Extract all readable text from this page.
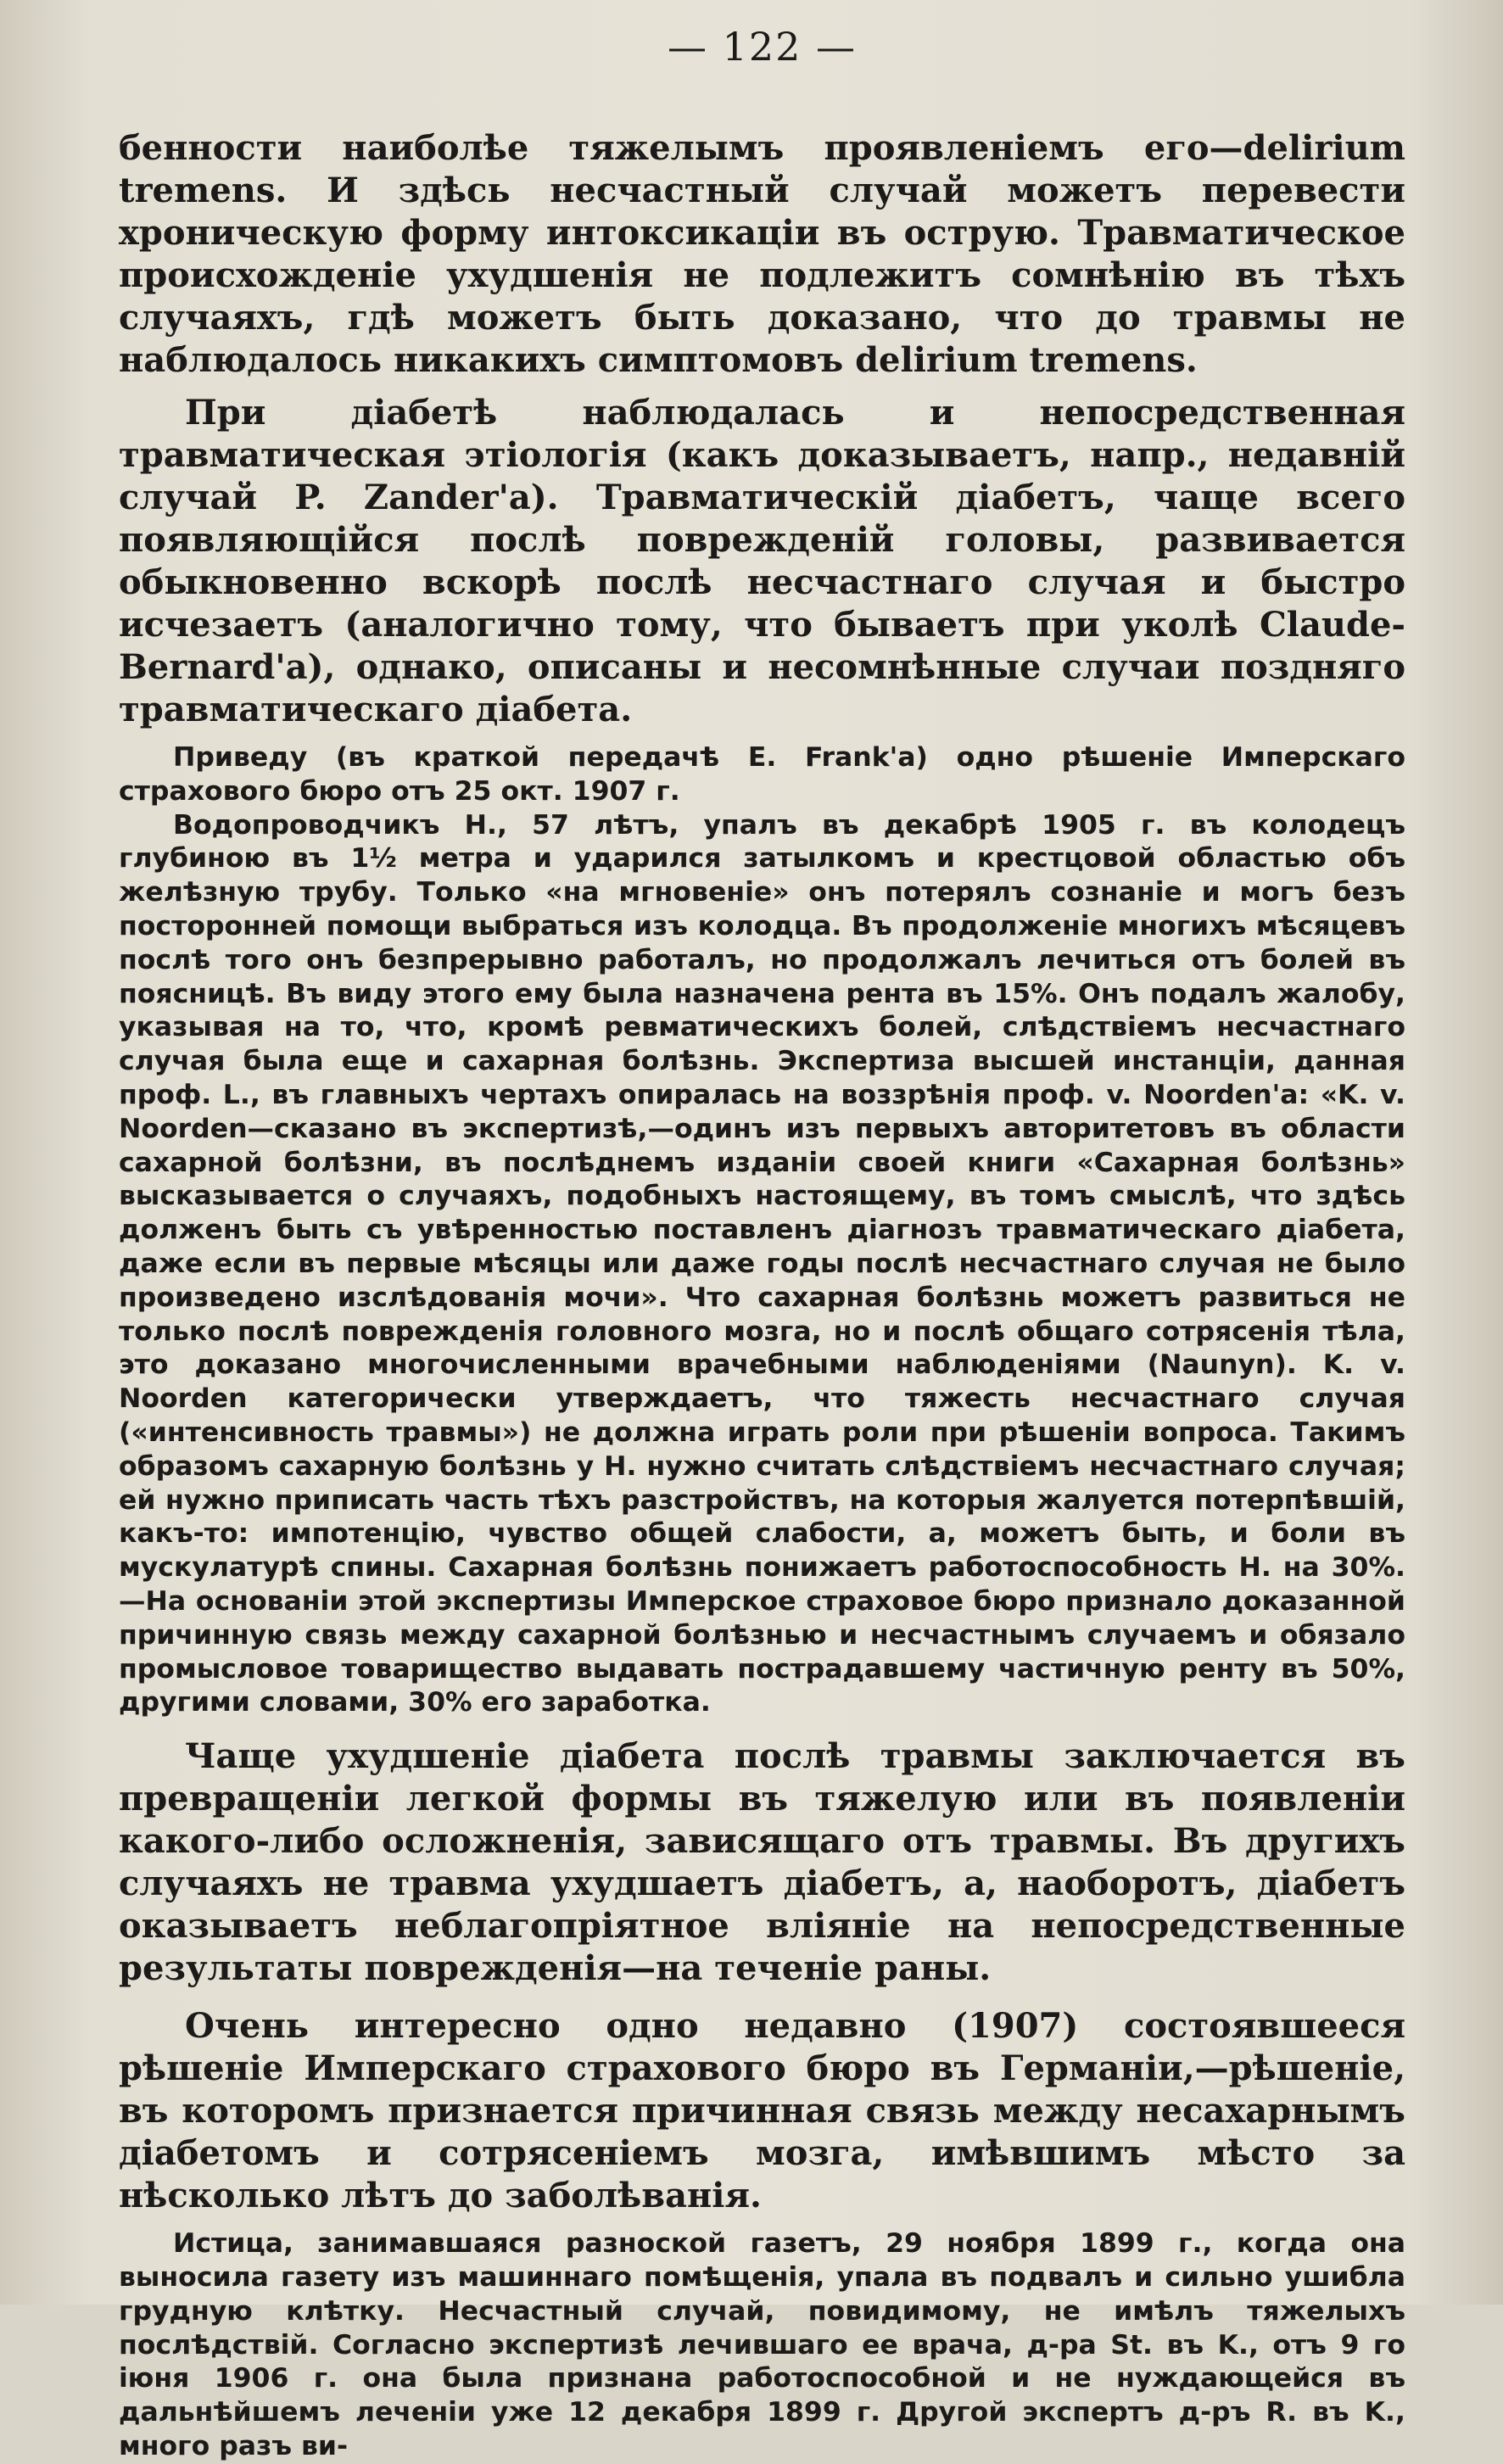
— 122 —

бенности наиболѣе тяжелымъ проявленіемъ его—delirium tremens. И здѣсь несчастный случай можетъ перевести хроническую форму интоксикаціи въ острую. Травматическое происхожденіе ухудшенія не подлежитъ сомнѣнію въ тѣхъ случаяхъ, гдѣ можетъ быть доказано, что до травмы не наблюдалось никакихъ симптомовъ delirium tremens.

При діабетѣ наблюдалась и непосредственная травматическая этіологія (какъ доказываетъ, напр., недавній случай P. Zander'a). Травматическій діабетъ, чаще всего появляющійся послѣ поврежденій головы, развивается обыкновенно вскорѣ послѣ несчастнаго случая и быстро исчезаетъ (аналогично тому, что бываетъ при уколѣ Claude-Bernard'a), однако, описаны и несомнѣнные случаи поздняго травматическаго діабета.

Приведу (въ краткой передачѣ E. Frank'a) одно рѣшеніе Имперскаго страхового бюро отъ 25 окт. 1907 г.

Водопроводчикъ H., 57 лѣтъ, упалъ въ декабрѣ 1905 г. въ колодецъ глубиною въ 1½ метра и ударился затылкомъ и крестцовой областью объ желѣзную трубу. Только «на мгновеніе» онъ потерялъ сознаніе и могъ безъ посторонней помощи выбраться изъ колодца. Въ продолженіе многихъ мѣсяцевъ послѣ того онъ безпрерывно работалъ, но продолжалъ лечиться отъ болей въ поясницѣ. Въ виду этого ему была назначена рента въ 15%. Онъ подалъ жалобу, указывая на то, что, кромѣ ревматическихъ болей, слѣдствіемъ несчастнаго случая была еще и сахарная болѣзнь. Экспертиза высшей инстанціи, данная проф. L., въ главныхъ чертахъ опиралась на воззрѣнія проф. v. Noorden'a: «K. v. Noorden—сказано въ экспертизѣ,—одинъ изъ первыхъ авторитетовъ въ области сахарной болѣзни, въ послѣднемъ изданіи своей книги «Сахарная болѣзнь» высказывается о случаяхъ, подобныхъ настоящему, въ томъ смыслѣ, что здѣсь долженъ быть съ увѣренностью поставленъ діагнозъ травматическаго діабета, даже если въ первые мѣсяцы или даже годы послѣ несчастнаго случая не было произведено изслѣдованія мочи». Что сахарная болѣзнь можетъ развиться не только послѣ поврежденія головного мозга, но и послѣ общаго сотрясенія тѣла, это доказано многочисленными врачебными наблюденіями (Naunyn). K. v. Noorden категорически утверждаетъ, что тяжесть несчастнаго случая («интенсивность травмы») не должна играть роли при рѣшеніи вопроса. Такимъ образомъ сахарную болѣзнь у H. нужно считать слѣдствіемъ несчастнаго случая; ей нужно приписать часть тѣхъ разстройствъ, на которыя жалуется потерпѣвшій, какъ-то: импотенцію, чувство общей слабости, а, можетъ быть, и боли въ мускулатурѣ спины. Сахарная болѣзнь понижаетъ работоспособность H. на 30%.—На основаніи этой экспертизы Имперское страховое бюро признало доказанной причинную связь между сахарной болѣзнью и несчастнымъ случаемъ и обязало промысловое товарищество выдавать пострадавшему частичную ренту въ 50%, другими словами, 30% его заработка.

Чаще ухудшеніе діабета послѣ травмы заключается въ превращеніи легкой формы въ тяжелую или въ появленіи какого-либо осложненія, зависящаго отъ травмы. Въ другихъ случаяхъ не травма ухудшаетъ діабетъ, а, наоборотъ, діабетъ оказываетъ неблагопріятное вліяніе на непосредственные результаты поврежденія—на теченіе раны.

Очень интересно одно недавно (1907) состоявшееся рѣшеніе Имперскаго страхового бюро въ Германіи,—рѣшеніе, въ которомъ признается причинная связь между несахарнымъ діабетомъ и сотрясеніемъ мозга, имѣвшимъ мѣсто за нѣсколько лѣтъ до заболѣванія.

Истица, занимавшаяся разноской газетъ, 29 ноября 1899 г., когда она выносила газету изъ машиннаго помѣщенія, упала въ подвалъ и сильно ушибла грудную клѣтку. Несчастный случай, повидимому, не имѣлъ тяжелыхъ послѣдствій. Согласно экспертизѣ лечившаго ее врача, д-ра St. въ K., отъ 9 го іюня 1906 г. она была признана работоспособной и не нуждающейся въ дальнѣйшемъ леченіи уже 12 декабря 1899 г. Другой экспертъ д-ръ R. въ K., много разъ ви-
